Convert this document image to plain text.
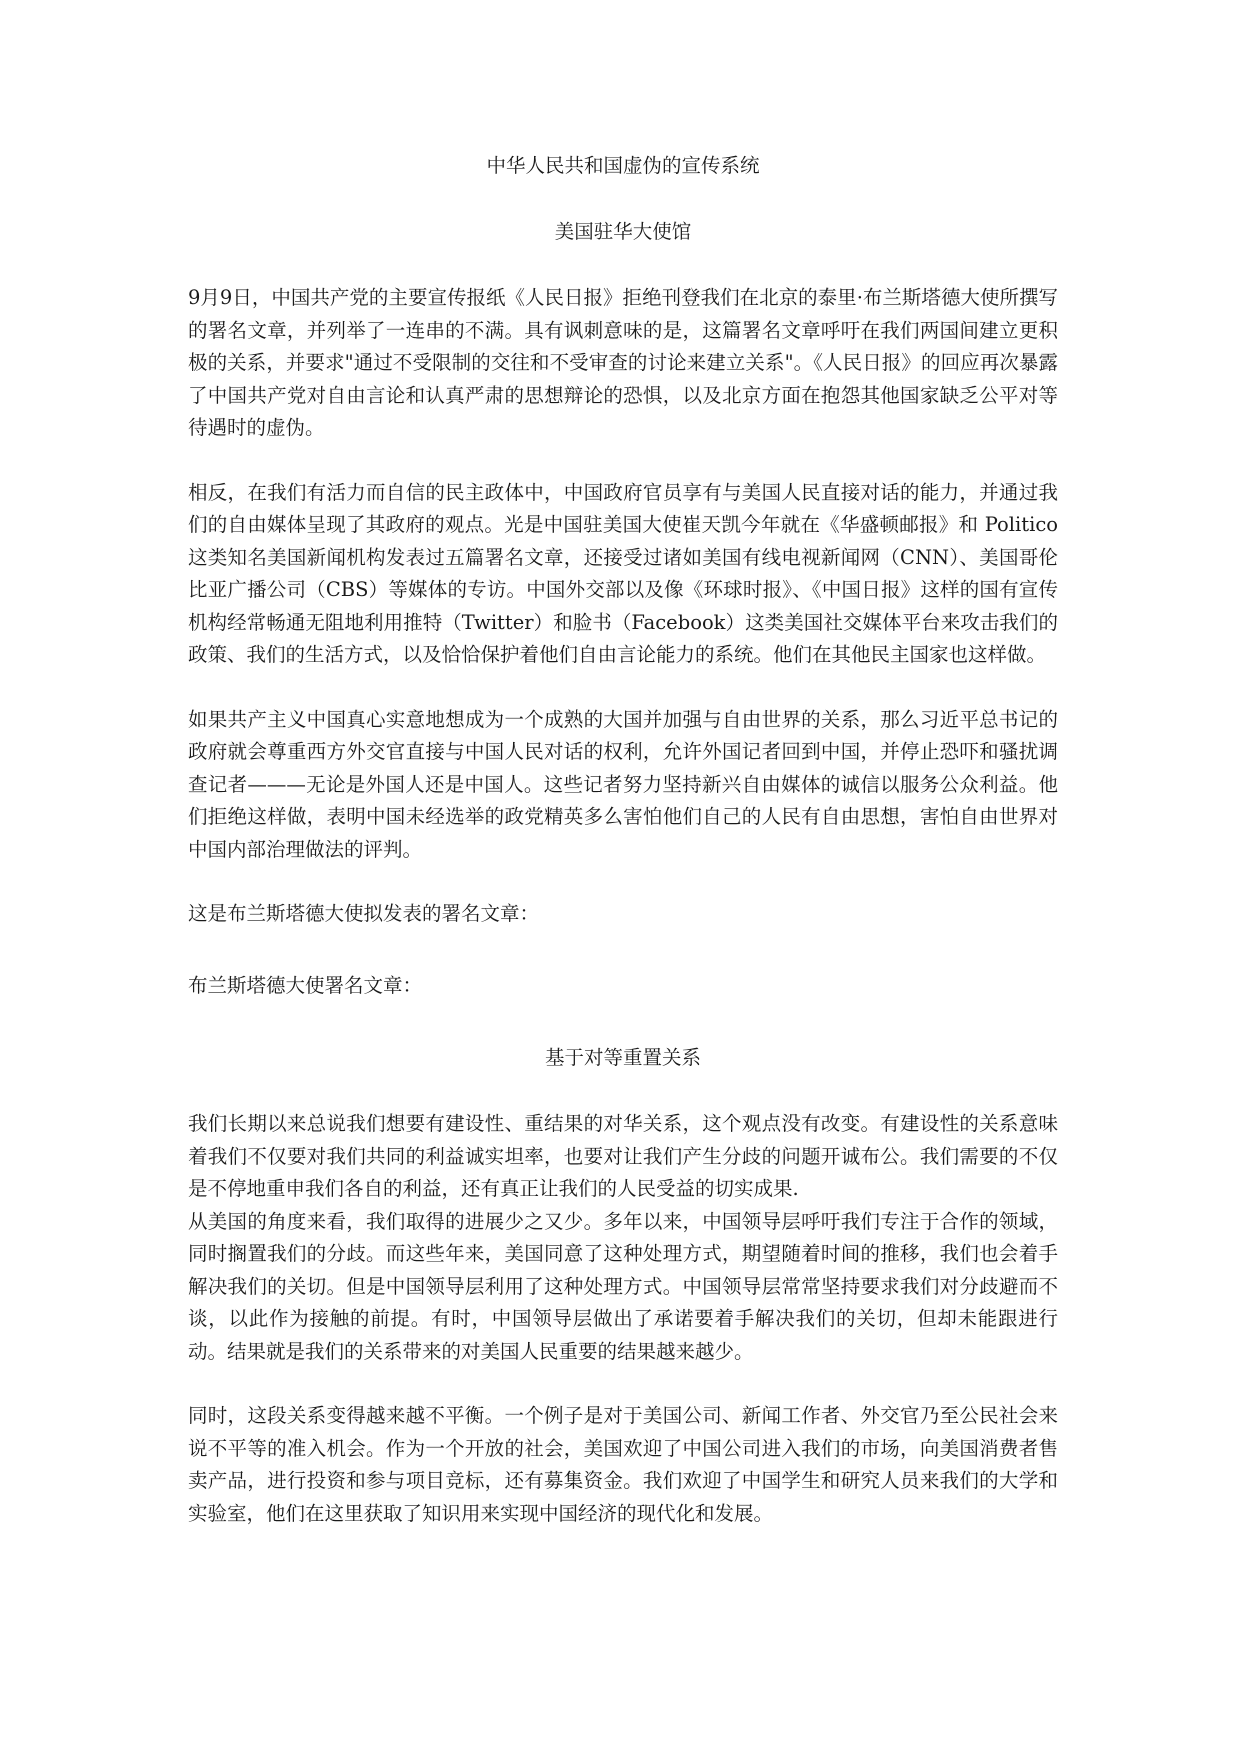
中华人民共和国虚伪的宣传系统

美国驻华大使馆

9月9日，中国共产党的主要宣传报纸《人民日报》拒绝刊登我们在北京的泰里·布兰斯塔德大使所撰写的署名文章，并列举了一连串的不满。具有讽刺意味的是，这篇署名文章呼吁在我们两国间建立更积极的关系，并要求"通过不受限制的交往和不受审查的讨论来建立关系"。《人民日报》的回应再次暴露了中国共产党对自由言论和认真严肃的思想辩论的恐惧，以及北京方面在抱怨其他国家缺乏公平对等待遇时的虚伪。

相反，在我们有活力而自信的民主政体中，中国政府官员享有与美国人民直接对话的能力，并通过我们的自由媒体呈现了其政府的观点。光是中国驻美国大使崔天凯今年就在《华盛顿邮报》和 Politico 这类知名美国新闻机构发表过五篇署名文章，还接受过诸如美国有线电视新闻网（CNN）、美国哥伦比亚广播公司（CBS）等媒体的专访。中国外交部以及像《环球时报》、《中国日报》这样的国有宣传机构经常畅通无阻地利用推特（Twitter）和脸书（Facebook）这类美国社交媒体平台来攻击我们的政策、我们的生活方式，以及恰恰保护着他们自由言论能力的系统。他们在其他民主国家也这样做。

如果共产主义中国真心实意地想成为一个成熟的大国并加强与自由世界的关系，那么习近平总书记的政府就会尊重西方外交官直接与中国人民对话的权利，允许外国记者回到中国，并停止恐吓和骚扰调查记者———无论是外国人还是中国人。这些记者努力坚持新兴自由媒体的诚信以服务公众利益。他们拒绝这样做，表明中国未经选举的政党精英多么害怕他们自己的人民有自由思想，害怕自由世界对中国内部治理做法的评判。

这是布兰斯塔德大使拟发表的署名文章：

布兰斯塔德大使署名文章：

基于对等重置关系

我们长期以来总说我们想要有建设性、重结果的对华关系，这个观点没有改变。有建设性的关系意味着我们不仅要对我们共同的利益诚实坦率，也要对让我们产生分歧的问题开诚布公。我们需要的不仅是不停地重申我们各自的利益，还有真正让我们的人民受益的切实成果.

从美国的角度来看，我们取得的进展少之又少。多年以来，中国领导层呼吁我们专注于合作的领域，同时搁置我们的分歧。而这些年来，美国同意了这种处理方式，期望随着时间的推移，我们也会着手解决我们的关切。但是中国领导层利用了这种处理方式。中国领导层常常坚持要求我们对分歧避而不谈，以此作为接触的前提。有时，中国领导层做出了承诺要着手解决我们的关切，但却未能跟进行动。结果就是我们的关系带来的对美国人民重要的结果越来越少。

同时，这段关系变得越来越不平衡。一个例子是对于美国公司、新闻工作者、外交官乃至公民社会来说不平等的准入机会。作为一个开放的社会，美国欢迎了中国公司进入我们的市场，向美国消费者售卖产品，进行投资和参与项目竞标，还有募集资金。我们欢迎了中国学生和研究人员来我们的大学和实验室，他们在这里获取了知识用来实现中国经济的现代化和发展。
